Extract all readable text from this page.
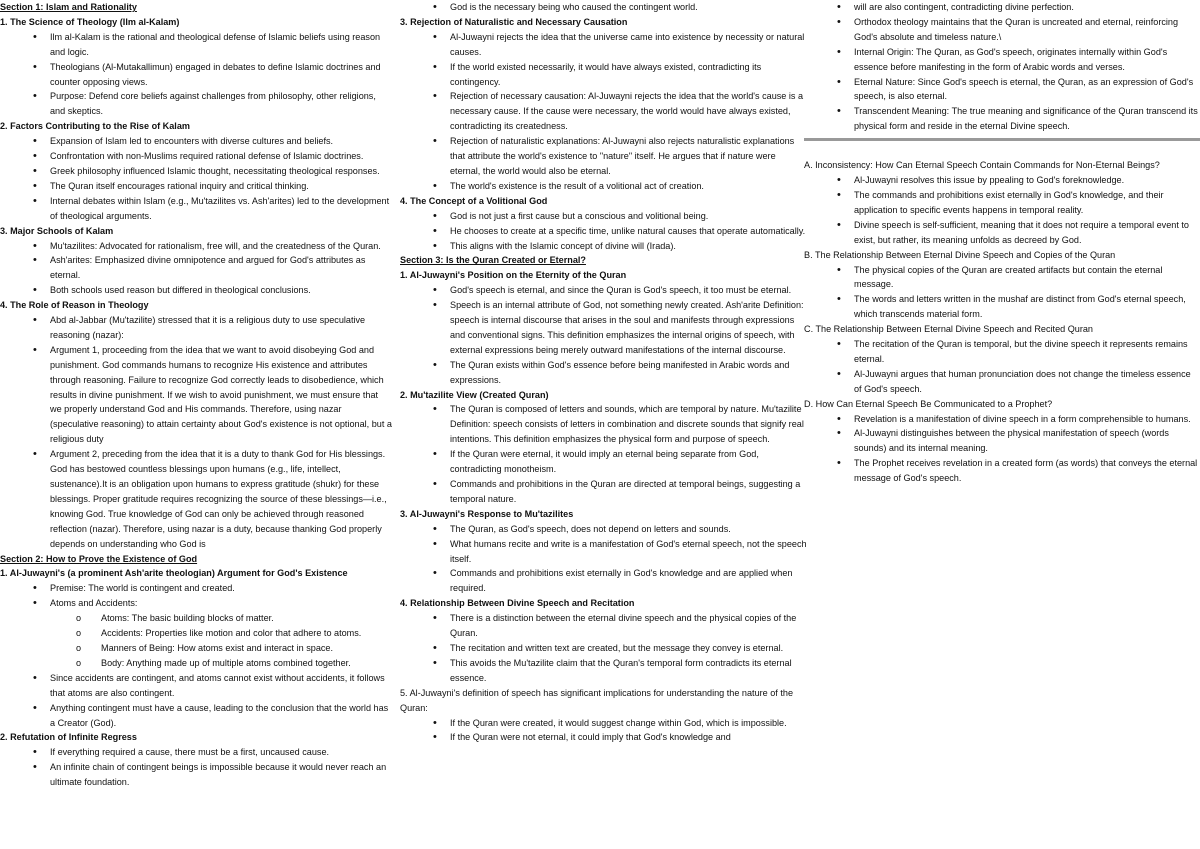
Section 1: Islam and Rationality
1. The Science of Theology (Ilm al-Kalam)
• Ilm al-Kalam is the rational and theological defense of Islamic beliefs using reason and logic.
• Theologians (Al-Mutakallimun) engaged in debates to define Islamic doctrines and counter opposing views.
• Purpose: Defend core beliefs against challenges from philosophy, other religions, and skeptics.
2. Factors Contributing to the Rise of Kalam
• Expansion of Islam led to encounters with diverse cultures and beliefs.
• Confrontation with non-Muslims required rational defense of Islamic doctrines.
• Greek philosophy influenced Islamic thought, necessitating theological responses.
• The Quran itself encourages rational inquiry and critical thinking.
• Internal debates within Islam (e.g., Mu'tazilites vs. Ash'arites) led to the development of theological arguments.
3. Major Schools of Kalam
• Mu'tazilites: Advocated for rationalism, free will, and the createdness of the Quran.
• Ash'arites: Emphasized divine omnipotence and argued for God's attributes as eternal.
• Both schools used reason but differed in theological conclusions.
4. The Role of Reason in Theology
• Abd al-Jabbar (Mu'tazilite) stressed that it is a religious duty to use speculative reasoning (nazar):
• Argument 1, proceeding from the idea that we want to avoid disobeying God and punishment. God commands humans to recognize His existence and attributes through reasoning. Failure to recognize God correctly leads to disobedience, which results in divine punishment. If we wish to avoid punishment, we must ensure that we properly understand God and His commands. Therefore, using nazar (speculative reasoning) to attain certainty about God's existence is not optional, but a religious duty
• Argument 2, preceding from the idea that it is a duty to thank God for His blessings. God has bestowed countless blessings upon humans (e.g., life, intellect, sustenance).It is an obligation upon humans to express gratitude (shukr) for these blessings. Proper gratitude requires recognizing the source of these blessings—i.e., knowing God. True knowledge of God can only be achieved through reasoned reflection (nazar). Therefore, using nazar is a duty, because thanking God properly depends on understanding who God is
Section 2: How to Prove the Existence of God
1. Al-Juwayni's (a prominent Ash'arite theologian) Argument for God's Existence
• Premise: The world is contingent and created.
• Atoms and Accidents:
o Atoms: The basic building blocks of matter.
o Accidents: Properties like motion and color that adhere to atoms.
o Manners of Being: How atoms exist and interact in space.
o Body: Anything made up of multiple atoms combined together.
• Since accidents are contingent, and atoms cannot exist without accidents, it follows that atoms are also contingent.
• Anything contingent must have a cause, leading to the conclusion that the world has a Creator (God).
2. Refutation of Infinite Regress
• If everything required a cause, there must be a first, uncaused cause.
• An infinite chain of contingent beings is impossible because it would never reach an ultimate foundation.
• God is the necessary being who caused the contingent world.
3. Rejection of Naturalistic and Necessary Causation
• Al-Juwayni rejects the idea that the universe came into existence by necessity or natural causes.
• If the world existed necessarily, it would have always existed, contradicting its contingency.
• Rejection of necessary causation: Al-Juwayni rejects the idea that the world's cause is a necessary cause. If the cause were necessary, the world would have always existed, contradicting its createdness.
• Rejection of naturalistic explanations: Al-Juwayni also rejects naturalistic explanations that attribute the world's existence to "nature" itself. He argues that if nature were eternal, the world would also be eternal.
• The world's existence is the result of a volitional act of creation.
4. The Concept of a Volitional God
• God is not just a first cause but a conscious and volitional being.
• He chooses to create at a specific time, unlike natural causes that operate automatically.
• This aligns with the Islamic concept of divine will (Irada).
Section 3: Is the Quran Created or Eternal?
1. Al-Juwayni's Position on the Eternity of the Quran
• God's speech is eternal, and since the Quran is God's speech, it too must be eternal.
• Speech is an internal attribute of God, not something newly created. Ash'arite Definition: speech is internal discourse that arises in the soul and manifests through expressions and conventional signs. This definition emphasizes the internal origins of speech, with external expressions being merely outward manifestations of the internal discourse.
• The Quran exists within God's essence before being manifested in Arabic words and expressions.
2. Mu'tazilite View (Created Quran)
• The Quran is composed of letters and sounds, which are temporal by nature. Mu'tazilite Definition: speech consists of letters in combination and discrete sounds that signify real intentions. This definition emphasizes the physical form and purpose of speech.
• If the Quran were eternal, it would imply an eternal being separate from God, contradicting monotheism.
• Commands and prohibitions in the Quran are directed at temporal beings, suggesting a temporal nature.
3. Al-Juwayni's Response to Mu'tazilites
• The Quran, as God's speech, does not depend on letters and sounds.
• What humans recite and write is a manifestation of God's eternal speech, not the speech itself.
• Commands and prohibitions exist eternally in God's knowledge and are applied when required.
4. Relationship Between Divine Speech and Recitation
• There is a distinction between the eternal divine speech and the physical copies of the Quran.
• The recitation and written text are created, but the message they convey is eternal.
• This avoids the Mu'tazilite claim that the Quran's temporal form contradicts its eternal essence.
5. Al-Juwayni's definition of speech has significant implications for understanding the nature of the Quran:
• If the Quran were created, it would suggest change within God, which is impossible.
• If the Quran were not eternal, it could imply that God's knowledge and
• will are also contingent, contradicting divine perfection.
• Orthodox theology maintains that the Quran is uncreated and eternal, reinforcing God's absolute and timeless nature.\
• Internal Origin: The Quran, as God's speech, originates internally within God's essence before manifesting in the form of Arabic words and verses.
• Eternal Nature: Since God's speech is eternal, the Quran, as an expression of God's speech, is also eternal.
• Transcendent Meaning: The true meaning and significance of the Quran transcend its physical form and reside in the eternal Divine speech.
A. Inconsistency: How Can Eternal Speech Contain Commands for Non-Eternal Beings?
• Al-Juwayni resolves this issue by ppealing to God's foreknowledge.
• The commands and prohibitions exist eternally in God's knowledge, and their application to specific events happens in temporal reality.
• Divine speech is self-sufficient, meaning that it does not require a temporal event to exist, but rather, its meaning unfolds as decreed by God.
B. The Relationship Between Eternal Divine Speech and Copies of the Quran
• The physical copies of the Quran are created artifacts but contain the eternal message.
• The words and letters written in the mushaf are distinct from God's eternal speech, which transcends material form.
C. The Relationship Between Eternal Divine Speech and Recited Quran
• The recitation of the Quran is temporal, but the divine speech it represents remains eternal.
• Al-Juwayni argues that human pronunciation does not change the timeless essence of God's speech.
D. How Can Eternal Speech Be Communicated to a Prophet?
• Revelation is a manifestation of divine speech in a form comprehensible to humans.
• Al-Juwayni distinguishes between the physical manifestation of speech (words sounds) and its internal meaning.
• The Prophet receives revelation in a created form (as words) that conveys the eternal message of God's speech.
